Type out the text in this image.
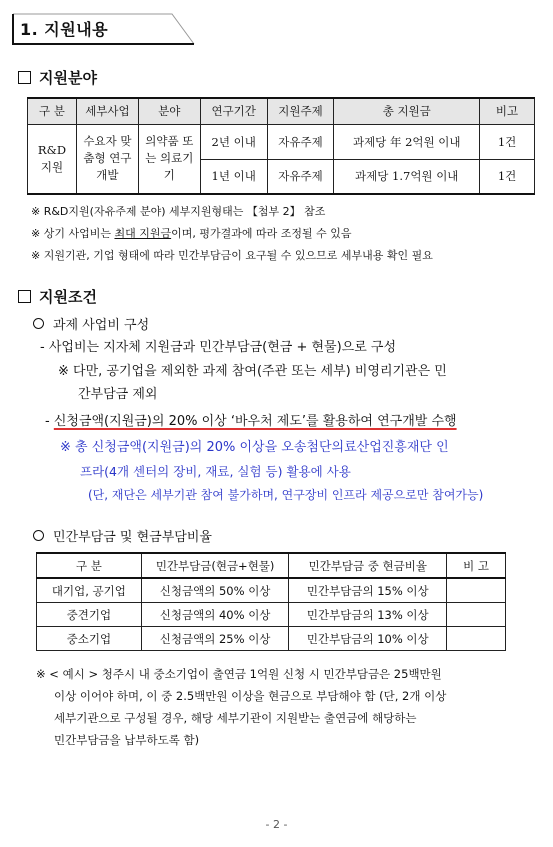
1. 지원내용
지원분야
구 분	세부사업	분야	연구기간	지원주제	총 지원금	비고
R&D 지원	수요자 맞춤형 연구개발	의약품 또는 의료기기	2년 이내	자유주제	과제당 年 2억원 이내	1건
			1년 이내	자유주제	과제당 1.7억원 이내	1건
※ R&D지원(자유주제 분야) 세부지원형태는 【첨부 2】 참조
※ 상기 사업비는 최대 지원금이며, 평가결과에 따라 조정될 수 있음
※ 지원기관, 기업 형태에 따라 민간부담금이 요구될 수 있으므로 세부내용 확인 필요
지원조건
과제 사업비 구성
- 사업비는 지자체 지원금과 민간부담금(현금 + 현물)으로 구성
※ 다만, 공기업을 제외한 과제 참여(주관 또는 세부) 비영리기관은 민
간부담금 제외
- 신청금액(지원금)의 20% 이상 ‘바우처 제도’를 활용하여 연구개발 수행
※ 총 신청금액(지원금)의 20% 이상을 오송첨단의료산업진흥재단 인
프라(4개 센터의 장비, 재료, 실험 등) 활용에 사용
(단, 재단은 세부기관 참여 불가하며, 연구장비 인프라 제공으로만 참여가능)
민간부담금 및 현금부담비율
구 분	민간부담금(현금+현물)	민간부담금 중 현금비율	비 고
대기업, 공기업	신청금액의 50% 이상	민간부담금의 15% 이상	
중견기업	신청금액의 40% 이상	민간부담금의 13% 이상	
중소기업	신청금액의 25% 이상	민간부담금의 10% 이상	
※ < 예시 > 청주시 내 중소기업이 출연금 1억원 신청 시 민간부담금은 25백만원
이상 이어야 하며, 이 중 2.5백만원 이상을 현금으로 부담해야 함 (단, 2개 이상
세부기관으로 구성될 경우, 해당 세부기관이 지원받는 출연금에 해당하는
민간부담금을 납부하도록 함)
- 2 -
